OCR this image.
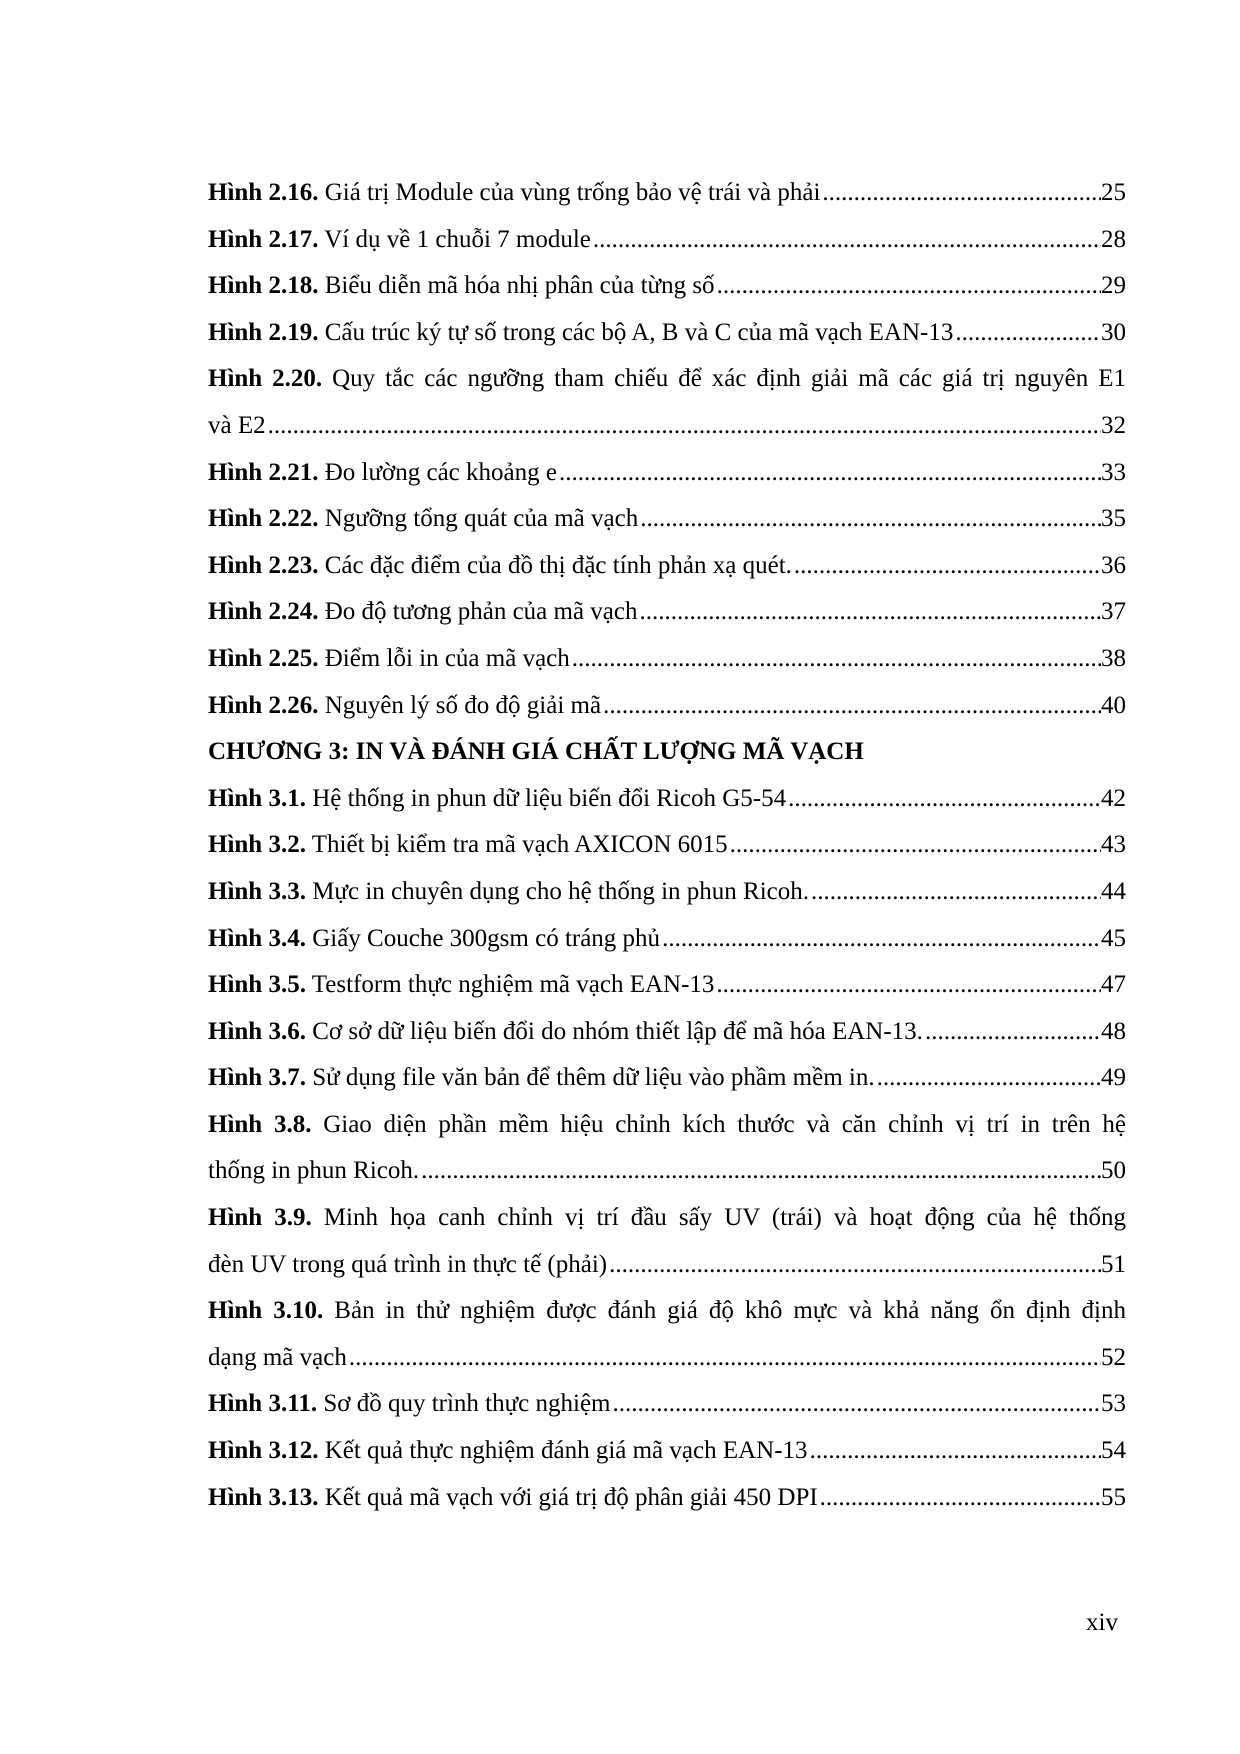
Hình 2.16. Giá trị Module của vùng trống bảo vệ trái và phải .....	25
Hình 2.17. Ví dụ về 1 chuỗi 7 module .....	28
Hình 2.18. Biểu diễn mã hóa nhị phân của từng số .....	29
Hình 2.19. Cấu trúc ký tự số trong các bộ A, B và C của mã vạch EAN-13 .....	30
Hình 2.20. Quy tắc các ngưỡng tham chiếu để xác định giải mã các giá trị nguyên E1
và E2 .....	32
Hình 2.21. Đo lường các khoảng e .....	33
Hình 2.22. Ngưỡng tổng quát của mã vạch .....	35
Hình 2.23. Các đặc điểm của đồ thị đặc tính phản xạ quét. .....	36
Hình 2.24. Đo độ tương phản của mã vạch .....	37
Hình 2.25. Điểm lỗi in của mã vạch .....	38
Hình 2.26. Nguyên lý số đo độ giải mã .....	40
CHƯƠNG 3: IN VÀ ĐÁNH GIÁ CHẤT LƯỢNG MÃ VẠCH
Hình 3.1. Hệ thống in phun dữ liệu biến đổi Ricoh G5-54 .....	42
Hình 3.2. Thiết bị kiểm tra mã vạch AXICON 6015 .....	43
Hình 3.3. Mực in chuyên dụng cho hệ thống in phun Ricoh. .....	44
Hình 3.4. Giấy Couche 300gsm có tráng phủ .....	45
Hình 3.5. Testform thực nghiệm mã vạch EAN-13 .....	47
Hình 3.6. Cơ sở dữ liệu biến đổi do nhóm thiết lập để mã hóa EAN-13. .....	48
Hình 3.7. Sử dụng file văn bản để thêm dữ liệu vào phầm mềm in. .....	49
Hình 3.8. Giao diện phần mềm hiệu chỉnh kích thước và căn chỉnh vị trí in trên hệ
thống in phun Ricoh. .....	50
Hình 3.9. Minh họa canh chỉnh vị trí đầu sấy UV (trái) và hoạt động của hệ thống
đèn UV trong quá trình in thực tế (phải) .....	51
Hình 3.10. Bản in thử nghiệm được đánh giá độ khô mực và khả năng ổn định định
dạng mã vạch .....	52
Hình 3.11. Sơ đồ quy trình thực nghiệm .....	53
Hình 3.12. Kết quả thực nghiệm đánh giá mã vạch EAN-13 .....	54
Hình 3.13. Kết quả mã vạch với giá trị độ phân giải 450 DPI .....	55
xiv
